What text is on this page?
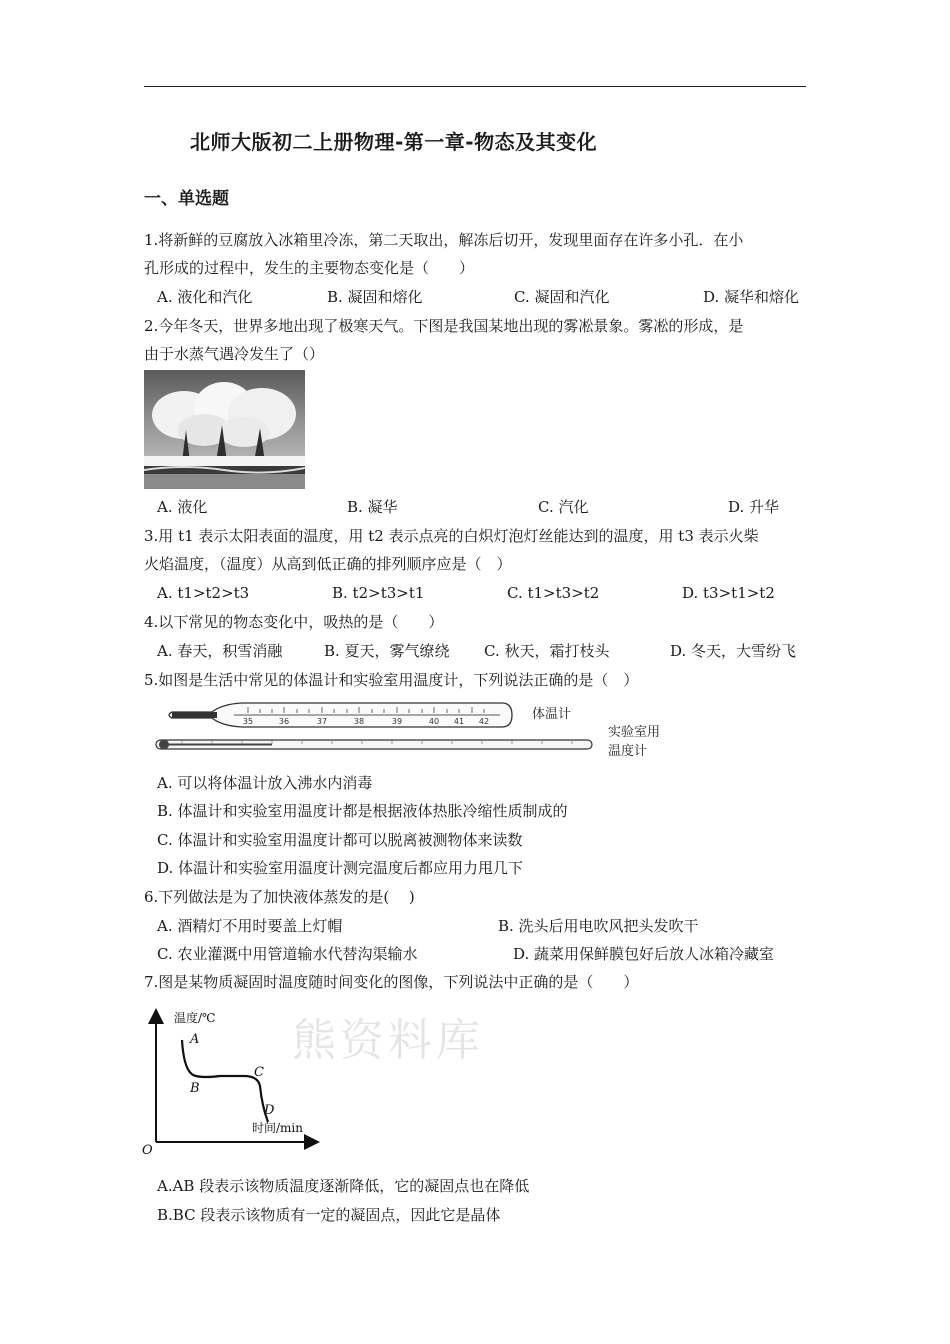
北师大版初二上册物理-第一章-物态及其变化
一、单选题
1.将新鲜的豆腐放入冰箱里冷冻，第二天取出，解冻后切开，发现里面存在许多小孔．在小
孔形成的过程中，发生的主要物态变化是（　　）
A. 液化和汽化	B. 凝固和熔化	C. 凝固和汽化	D. 凝华和熔化
2.今年冬天，世界多地出现了极寒天气。下图是我国某地出现的雾凇景象。雾凇的形成，是
由于水蒸气遇冷发生了（）
A. 液化	B. 凝华	C. 汽化	D. 升华
3.用 t1 表示太阳表面的温度，用 t2 表示点亮的白炽灯泡灯丝能达到的温度，用 t3 表示火柴
火焰温度，（温度）从高到低正确的排列顺序应是（　）
A. t1>t2>t3	B. t2>t3>t1	C. t1>t3>t2	D. t3>t1>t2
4.以下常见的物态变化中，吸热的是（　　）
A. 春天，积雪消融	B. 夏天，雾气缭绕 C. 秋天，霜打枝头	D. 冬天，大雪纷飞
5.如图是生活中常见的体温计和实验室用温度计，下列说法正确的是（　）
35	36	37	38	39	40 41 42	体温计
实验室用
温度计
A. 可以将体温计放入沸水内消毒
B. 体温计和实验室用温度计都是根据液体热胀冷缩性质制成的
C. 体温计和实验室用温度计都可以脱离被测物体来读数
D. 体温计和实验室用温度计测完温度后都应用力甩几下
6.下列做法是为了加快液体蒸发的是(　 )
A. 酒精灯不用时要盖上灯帽	B. 洗头后用电吹风把头发吹干
C. 农业灌溉中用管道输水代替沟渠输水	D. 蔬菜用保鲜膜包好后放人冰箱冷藏室
7.图是某物质凝固时温度随时间变化的图像，下列说法中正确的是（　　）
熊资料库
温度/℃
时间/min
O
A
B
C
D
A.AB 段表示该物质温度逐渐降低，它的凝固点也在降低
B.BC 段表示该物质有一定的凝固点，因此它是晶体
